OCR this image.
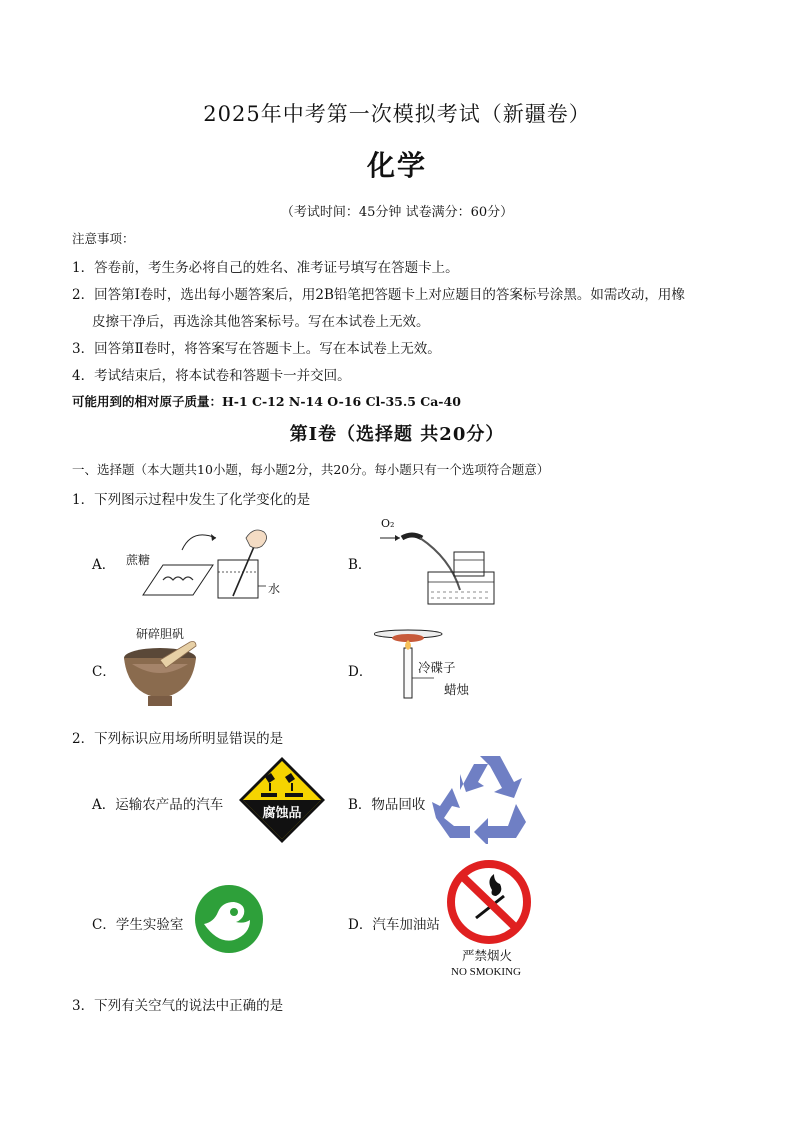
2025年中考第一次模拟考试（新疆卷）
化学
（考试时间：45分钟 试卷满分：60分）
注意事项：
1．答卷前，考生务必将自己的姓名、准考证号填写在答题卡上。
2．回答第Ⅰ卷时，选出每小题答案后，用2B铅笔把答题卡上对应题目的答案标号涂黑。如需改动，用橡
皮擦干净后，再选涂其他答案标号。写在本试卷上无效。
3．回答第Ⅱ卷时，将答案写在答题卡上。写在本试卷上无效。
4．考试结束后，将本试卷和答题卡一并交回。
可能用到的相对原子质量：H-1 C-12 N-14 O-16 Cl-35.5 Ca-40
第Ⅰ卷（选择题 共20分）
一、选择题（本大题共10小题，每小题2分，共20分。每小题只有一个选项符合题意）
1．下列图示过程中发生了化学变化的是
A．	B．
C．	D．
蔗糖
水
O₂
研碎胆矾
冷碟子
蜡烛
2．下列标识应用场所明显错误的是
A．运输农产品的汽车	B．物品回收
C．学生实验室	D．汽车加油站
腐蚀品
严禁烟火
NO SMOKING
3．下列有关空气的说法中正确的是
